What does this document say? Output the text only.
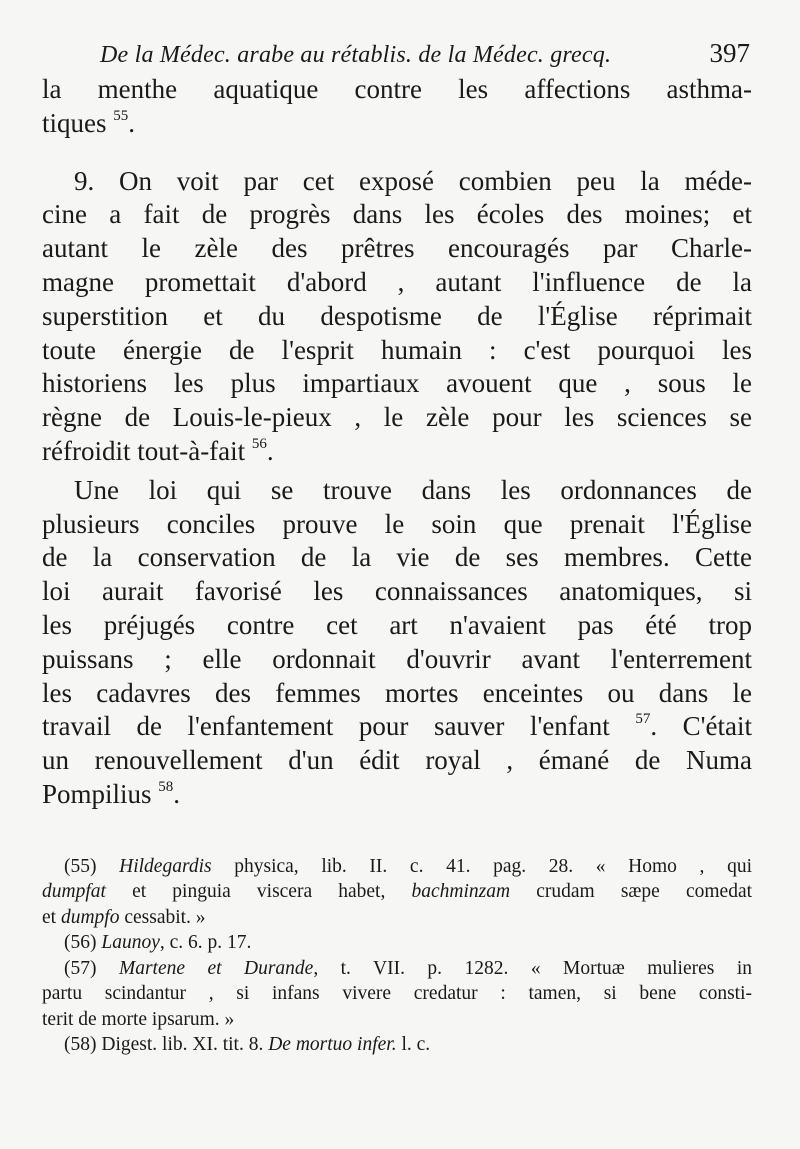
De la Médec. arabe au rétablis. de la Médec. grecq.	397
la menthe aquatique contre les affections asthma-
tiques $^{55}$.
9. On voit par cet exposé combien peu la méde-
cine a fait de progrès dans les écoles des moines; et
autant le zèle des prêtres encouragés par Charle-
magne promettait d'abord , autant l'influence de la
superstition et du despotisme de l'Église réprimait
toute énergie de l'esprit humain : c'est pourquoi les
historiens les plus impartiaux avouent que , sous le
règne de Louis-le-pieux , le zèle pour les sciences se
réfroidit tout-à-fait $^{56}$.
Une loi qui se trouve dans les ordonnances de
plusieurs conciles prouve le soin que prenait l'Église
de la conservation de la vie de ses membres. Cette
loi aurait favorisé les connaissances anatomiques, si
les préjugés contre cet art n'avaient pas été trop
puissans ; elle ordonnait d'ouvrir avant l'enterrement
les cadavres des femmes mortes enceintes ou dans le
travail de l'enfantement pour sauver l'enfant $^{57}$. C'était
un renouvellement d'un édit royal , émané de Numa
Pompilius $^{58}$.
(55) Hildegardis physica, lib. II. c. 41. pag. 28. « Homo , qui
dumpfat et pinguia viscera habet, bachminzam crudam sæpe comedat
et dumpfo cessabit. »
(56) Launoy, c. 6. p. 17.
(57) Martene et Durande, t. VII. p. 1282. « Mortuæ mulieres in
partu scindantur , si infans vivere credatur : tamen, si bene consti-
terit de morte ipsarum. »
(58) Digest. lib. XI. tit. 8. De mortuo infer. l. c.
